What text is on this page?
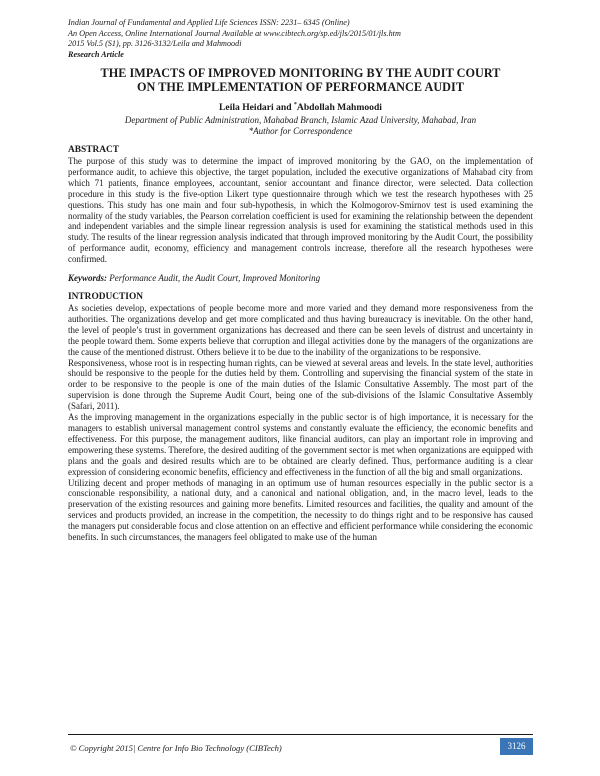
Indian Journal of Fundamental and Applied Life Sciences ISSN: 2231– 6345 (Online)
An Open Access, Online International Journal Available at www.cibtech.org/sp.ed/jls/2015/01/jls.htm
2015 Vol.5 (S1), pp. 3126-3132/Leila and Mahmoodi
Research Article
THE IMPACTS OF IMPROVED MONITORING BY THE AUDIT COURT
ON THE IMPLEMENTATION OF PERFORMANCE AUDIT
Leila Heidari and *Abdollah Mahmoodi
Department of Public Administration, Mahabad Branch, Islamic Azad University, Mahabad, Iran
*Author for Correspondence
ABSTRACT

The purpose of this study was to determine the impact of improved monitoring by the GAO, on the implementation of performance audit, to achieve this objective, the target population, included the executive organizations of Mahabad city from which 71 patients, finance employees, accountant, senior accountant and finance director, were selected. Data collection procedure in this study is the five-option Likert type questionnaire through which we test the research hypotheses with 25 questions. This study has one main and four sub-hypothesis, in which the Kolmogorov-Smirnov test is used examining the normality of the study variables, the Pearson correlation coefficient is used for examining the relationship between the dependent and independent variables and the simple linear regression analysis is used for examining the statistical methods used in this study. The results of the linear regression analysis indicated that through improved monitoring by the Audit Court, the possibility of performance audit, economy, efficiency and management controls increase, therefore all the research hypotheses were confirmed.

Keywords: Performance Audit, the Audit Court, Improved Monitoring
INTRODUCTION

As societies develop, expectations of people become more and more varied and they demand more responsiveness from the authorities. The organizations develop and get more complicated and thus having bureaucracy is inevitable. On the other hand, the level of people’s trust in government organizations has decreased and there can be seen levels of distrust and uncertainty in the people toward them. Some experts believe that corruption and illegal activities done by the managers of the organizations are the cause of the mentioned distrust. Others believe it to be due to the inability of the organizations to be responsive.

Responsiveness, whose root is in respecting human rights, can be viewed at several areas and levels. In the state level, authorities should be responsive to the people for the duties held by them. Controlling and supervising the financial system of the state in order to be responsive to the people is one of the main duties of the Islamic Consultative Assembly. The most part of the supervision is done through the Supreme Audit Court, being one of the sub-divisions of the Islamic Consultative Assembly (Safari, 2011).

As the improving management in the organizations especially in the public sector is of high importance, it is necessary for the managers to establish universal management control systems and constantly evaluate the efficiency, the economic benefits and effectiveness. For this purpose, the management auditors, like financial auditors, can play an important role in improving and empowering these systems. Therefore, the desired auditing of the government sector is met when organizations are equipped with plans and the goals and desired results which are to be obtained are clearly defined. Thus, performance auditing is a clear expression of considering economic benefits, efficiency and effectiveness in the function of all the big and small organizations.

Utilizing decent and proper methods of managing in an optimum use of human resources especially in the public sector is a conscionable responsibility, a national duty, and a canonical and national obligation, and, in the macro level, leads to the preservation of the existing resources and gaining more benefits. Limited resources and facilities, the quality and amount of the services and products provided, an increase in the competition, the necessity to do things right and to be responsive has caused the managers put considerable focus and close attention on an effective and efficient performance while considering the economic benefits. In such circumstances, the managers feel obligated to make use of the human

© Copyright 2015| Centre for Info Bio Technology (CIBTech)	3126
